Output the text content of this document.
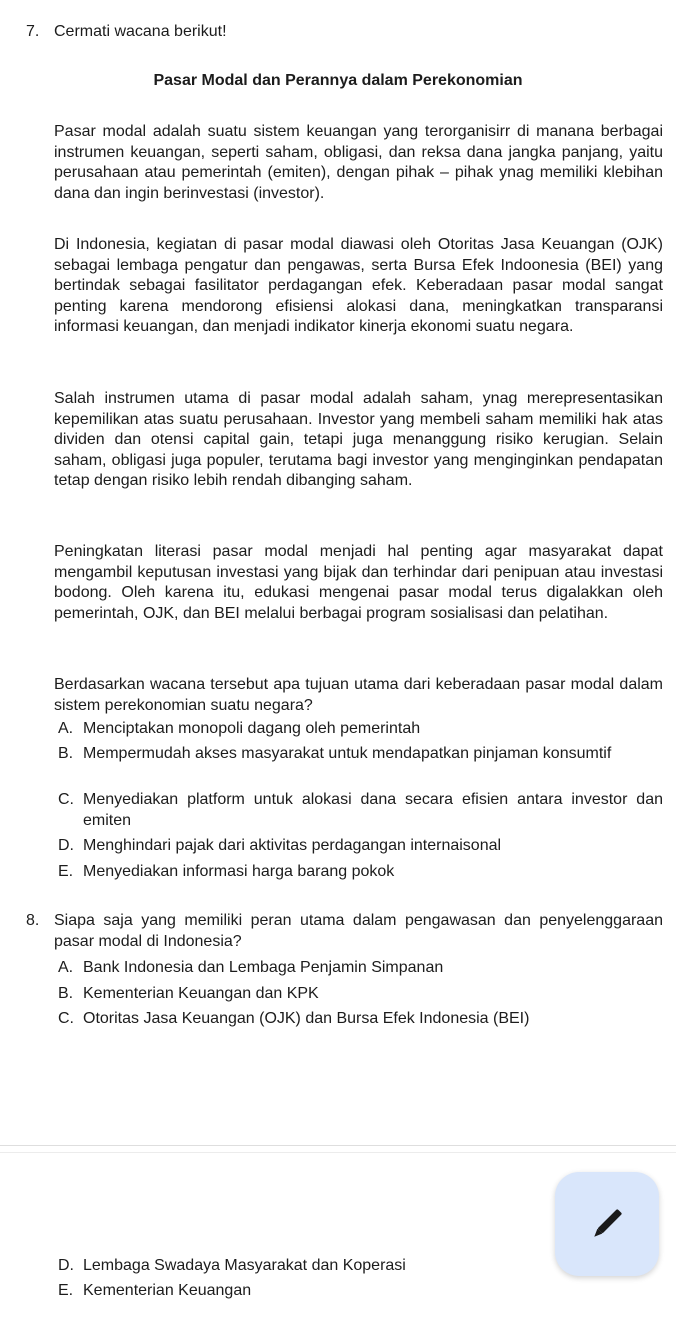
7. Cermati wacana berikut!
Pasar Modal dan Perannya dalam Perekonomian
Pasar modal adalah suatu sistem keuangan yang terorganisirr di manana berbagai instrumen keuangan, seperti saham, obligasi, dan reksa dana jangka panjang, yaitu perusahaan atau pemerintah (emiten), dengan pihak – pihak ynag memiliki klebihan dana dan ingin berinvestasi (investor).
Di Indonesia, kegiatan di pasar modal diawasi oleh Otoritas Jasa Keuangan (OJK) sebagai lembaga pengatur dan pengawas, serta Bursa Efek Indoonesia (BEI) yang bertindak sebagai fasilitator perdagangan efek. Keberadaan pasar modal sangat penting karena mendorong efisiensi alokasi dana, meningkatkan transparansi informasi keuangan, dan menjadi indikator kinerja ekonomi suatu negara.
Salah instrumen utama di pasar modal adalah saham, ynag merepresentasikan kepemilikan atas suatu perusahaan. Investor yang membeli saham memiliki hak atas dividen dan otensi capital gain, tetapi juga menanggung risiko kerugian. Selain saham, obligasi juga populer, terutama bagi investor yang menginginkan pendapatan tetap dengan risiko lebih rendah dibanging saham.
Peningkatan literasi pasar modal menjadi hal penting agar masyarakat dapat mengambil keputusan investasi yang bijak dan terhindar dari penipuan atau investasi bodong. Oleh karena itu, edukasi mengenai pasar modal terus digalakkan oleh pemerintah, OJK, dan BEI melalui berbagai program sosialisasi dan pelatihan.
Berdasarkan wacana tersebut apa tujuan utama dari keberadaan pasar modal dalam sistem perekonomian suatu negara?
A. Menciptakan monopoli dagang oleh pemerintah
B. Mempermudah akses masyarakat untuk mendapatkan pinjaman konsumtif
C. Menyediakan platform untuk alokasi dana secara efisien antara investor dan emiten
D. Menghindari pajak dari aktivitas perdagangan internaisonal
E. Menyediakan informasi harga barang pokok
8. Siapa saja yang memiliki peran utama dalam pengawasan dan penyelenggaraan pasar modal di Indonesia?
A. Bank Indonesia dan Lembaga Penjamin Simpanan
B. Kementerian Keuangan dan KPK
C. Otoritas Jasa Keuangan (OJK) dan Bursa Efek Indonesia (BEI)
D. Lembaga Swadaya Masyarakat dan Koperasi
E. Kementerian Keuangan
